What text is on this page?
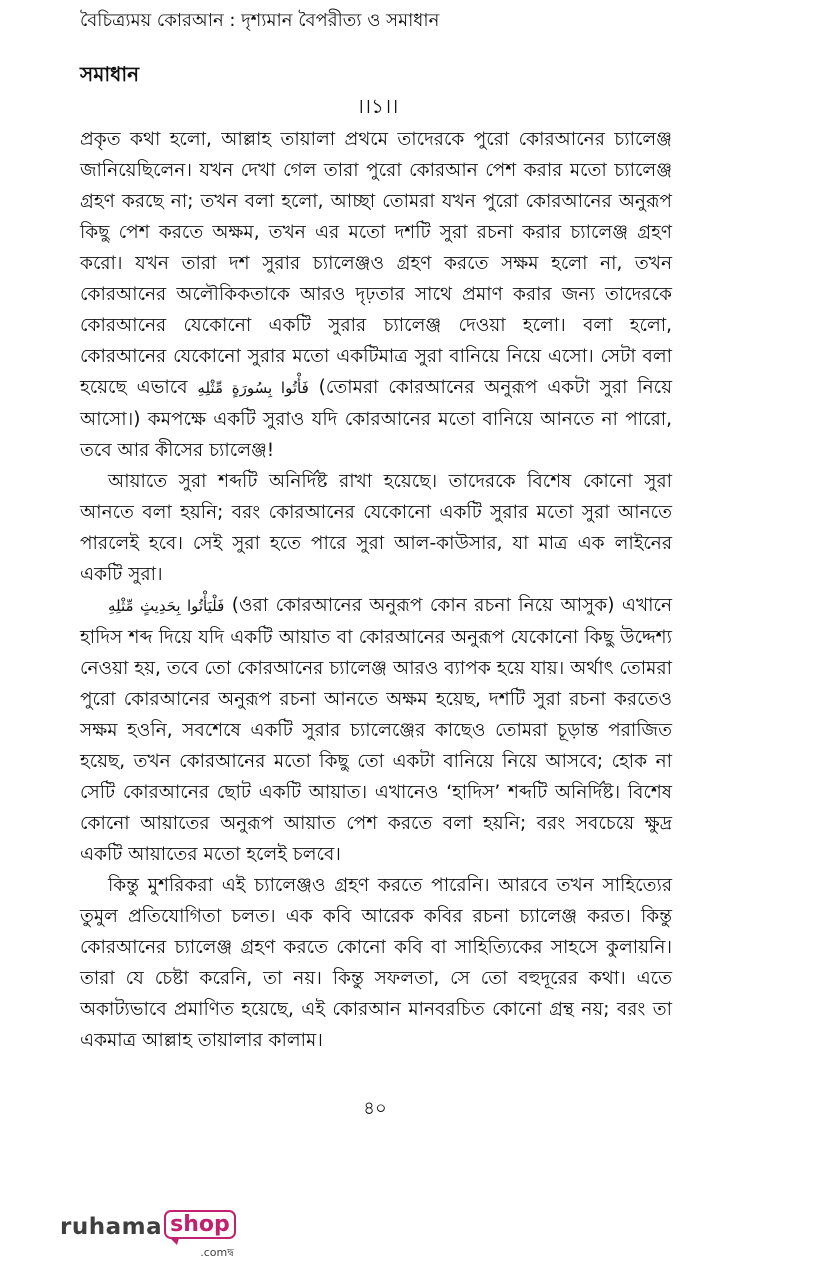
বৈচিত্র্যময় কোরআন : দৃশ্যমান বৈপরীত্য ও সমাধান
সমাধান
।।১।।

প্রকৃত কথা হলো, আল্লাহ তায়ালা প্রথমে তাদেরকে পুরো কোরআনের চ্যালেঞ্জ জানিয়েছিলেন। যখন দেখা গেল তারা পুরো কোরআন পেশ করার মতো চ্যালেঞ্জ গ্রহণ করছে না; তখন বলা হলো, আচ্ছা তোমরা যখন পুরো কোরআনের অনুরূপ কিছু পেশ করতে অক্ষম, তখন এর মতো দশটি সুরা রচনা করার চ্যালেঞ্জ গ্রহণ করো। যখন তারা দশ সুরার চ্যালেঞ্জও গ্রহণ করতে সক্ষম হলো না, তখন কোরআনের অলৌকিকতাকে আরও দৃঢ়তার সাথে প্রমাণ করার জন্য তাদেরকে কোরআনের যেকোনো একটি সুরার চ্যালেঞ্জ দেওয়া হলো। বলা হলো, কোরআনের যেকোনো সুরার মতো একটিমাত্র সুরা বানিয়ে নিয়ে এসো। সেটা বলা হয়েছে এভাবে فَأْتُوا بِسُورَةٍ مِّثْلِهِ (তোমরা কোরআনের অনুরূপ একটা সুরা নিয়ে আসো।) কমপক্ষে একটি সুরাও যদি কোরআনের মতো বানিয়ে আনতে না পারো, তবে আর কীসের চ্যালেঞ্জ!

আয়াতে সুরা শব্দটি অনির্দিষ্ট রাখা হয়েছে। তাদেরকে বিশেষ কোনো সুরা আনতে বলা হয়নি; বরং কোরআনের যেকোনো একটি সুরার মতো সুরা আনতে পারলেই হবে। সেই সুরা হতে পারে সুরা আল-কাউসার, যা মাত্র এক লাইনের একটি সুরা।

فَلْيَأْتُوا بِحَدِيثٍ مِّثْلِهِ (ওরা কোরআনের অনুরূপ কোন রচনা নিয়ে আসুক) এখানে হাদিস শব্দ দিয়ে যদি একটি আয়াত বা কোরআনের অনুরূপ যেকোনো কিছু উদ্দেশ্য নেওয়া হয়, তবে তো কোরআনের চ্যালেঞ্জ আরও ব্যাপক হয়ে যায়। অর্থাৎ তোমরা পুরো কোরআনের অনুরূপ রচনা আনতে অক্ষম হয়েছ, দশটি সুরা রচনা করতেও সক্ষম হওনি, সবশেষে একটি সুরার চ্যালেঞ্জের কাছেও তোমরা চূড়ান্ত পরাজিত হয়েছ, তখন কোরআনের মতো কিছু তো একটা বানিয়ে নিয়ে আসবে; হোক না সেটি কোরআনের ছোট একটি আয়াত। এখানেও ‘হাদিস’ শব্দটি অনির্দিষ্ট। বিশেষ কোনো আয়াতের অনুরূপ আয়াত পেশ করতে বলা হয়নি; বরং সবচেয়ে ক্ষুদ্র একটি আয়াতের মতো হলেই চলবে।

কিন্তু মুশরিকরা এই চ্যালেঞ্জও গ্রহণ করতে পারেনি। আরবে তখন সাহিত্যের তুমুল প্রতিযোগিতা চলত। এক কবি আরেক কবির রচনা চ্যালেঞ্জ করত। কিন্তু কোরআনের চ্যালেঞ্জ গ্রহণ করতে কোনো কবি বা সাহিত্যিকের সাহসে কুলায়নি। তারা যে চেষ্টা করেনি, তা নয়। কিন্তু সফলতা, সে তো বহুদূরের কথা। এতে অকাট্যভাবে প্রমাণিত হয়েছে, এই কোরআন মানবরচিত কোনো গ্রন্থ নয়; বরং তা একমাত্র আল্লাহ তায়ালার কালাম।

৪০
ruhama shop
.comদ্ব
